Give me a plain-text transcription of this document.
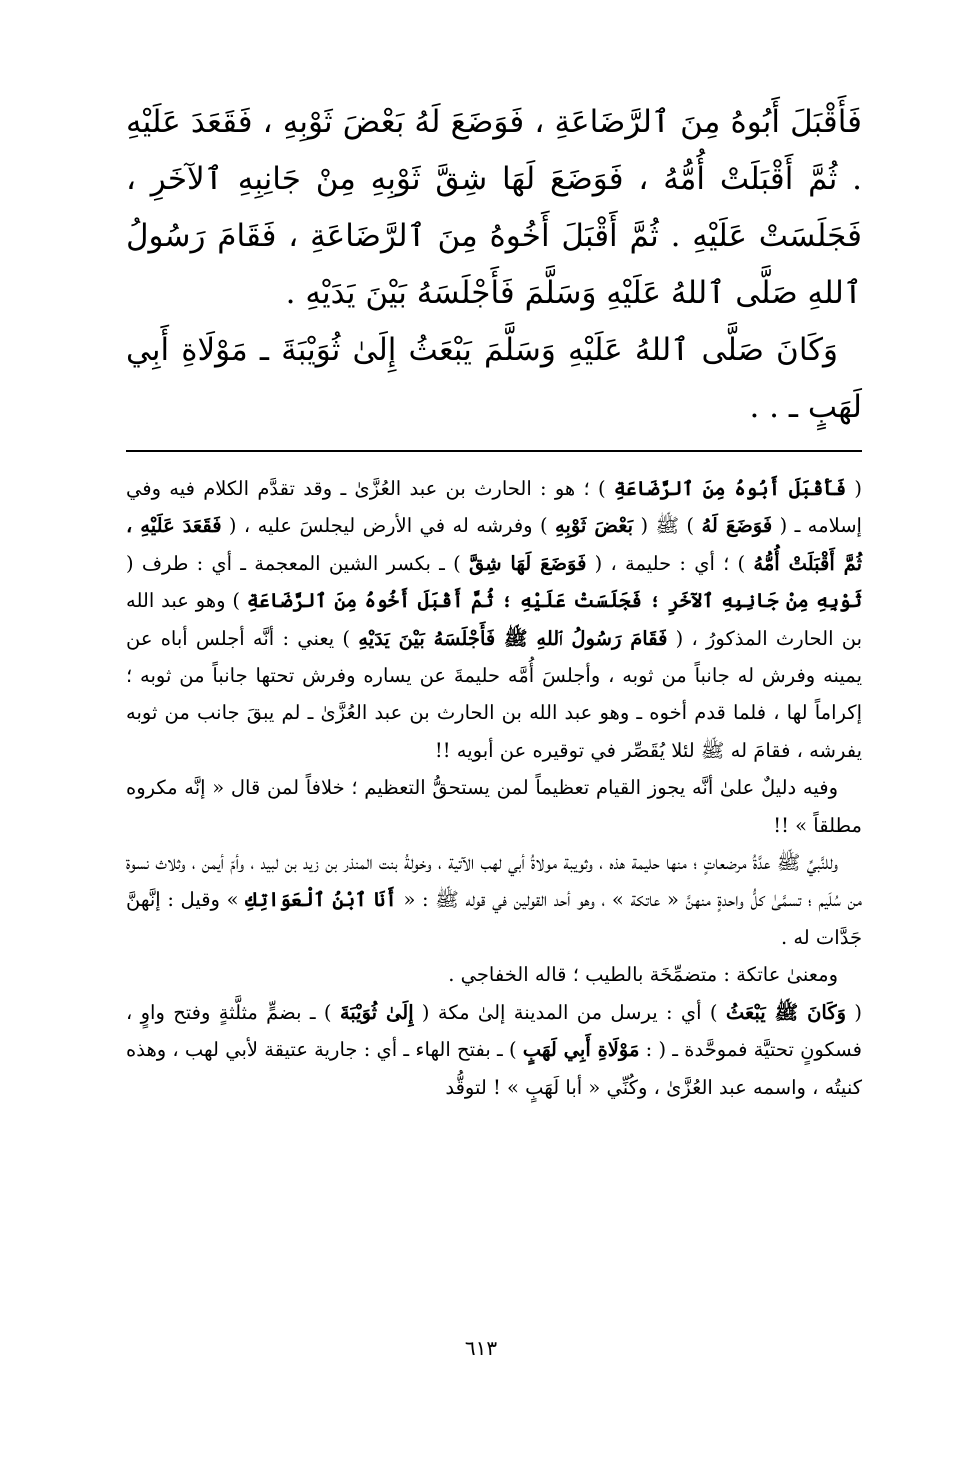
فَأَقْبَلَ أَبُوهُ مِنَ ٱلرَّضَاعَةِ ، فَوَضَعَ لَهُ بَعْضَ ثَوْبِهِ ، فَقَعَدَ عَلَيْهِ . ثُمَّ أَقْبَلَتْ أُمُّهُ ، فَوَضَعَ لَهَا شِقَّ ثَوْبِهِ مِنْ جَانِبِهِ ٱلآخَرِ ، فَجَلَسَتْ عَلَيْهِ . ثُمَّ أَقْبَلَ أَخُوهُ مِنَ ٱلرَّضَاعَةِ ، فَقَامَ رَسُولُ ٱللهِ صَلَّى ٱللهُ عَلَيْهِ وَسَلَّمَ فَأَجْلَسَهُ بَيْنَ يَدَيْهِ .

وَكَانَ صَلَّى ٱللهُ عَلَيْهِ وَسَلَّمَ يَبْعَثُ إِلَىٰ ثُوَيْبَةَ ـ مَوْلَاةِ أَبِي لَهَبٍ ـ . .

( فَأَقْبَلَ أَبُوهُ مِنَ ٱلرَّضَاعَةِ ) ؛ هو : الحارث بن عبد العُزَّىٰ ـ وقد تقدَّم الكلام فيه وفي إسلامه ـ ( فَوَضَعَ لَهُ ) ﷺ ( بَعْضَ ثَوْبِهِ ) وفرشه له في الأرض ليجلسَ عليه ، ( فَقَعَدَ عَلَيْهِ ، ثُمَّ أَقْبَلَتْ أُمُّهُ ) ؛ أي : حليمة ، ( فَوَضَعَ لَهَا شِقَّ ) ـ بكسر الشين المعجمة ـ أي : طرف ( ثَوْبِهِ مِنْ جَانِبِهِ ٱلآخَرِ ؛ فَجَلَسَتْ عَلَيْهِ ؛ ثُمَّ أَقْبَلَ أَخُوهُ مِنَ ٱلرَّضَاعَةِ ) وهو عبد الله بن الحارث المذكورُ ، ( فَقَامَ رَسُولُ ٱللهِ ﷺ فَأَجْلَسَهُ بَيْنَ يَدَيْهِ ) يعني : أنَّه أجلس أباه عن يمينه وفرش له جانباً من ثوبه ، وأجلسَ أُمَّه حليمةَ عن يساره وفرش تحتها جانباً من ثوبه ؛ إكراماً لها ، فلما قدم أخوه ـ وهو عبد الله بن الحارث بن عبد العُزَّىٰ ـ لم يبقَ جانب من ثوبه يفرشه ، فقامَ له ﷺ لئلا يُقَصِّر في توقيره عن أبويه !!

وفيه دليلٌ علىٰ أنَّه يجوز القيام تعظيماً لمن يستحقُّ التعظيم ؛ خلافاً لمن قال « إنَّه مكروه مطلقاً » !!

وللنَّبيِّ ﷺ عدَّةُ مرضعاتٍ ؛ منها حليمة هذه ، وثويبة مولاةُ أبي لهب الآتية ، وخولةُ بنت المنذر بن زيد بن لبيد ، وأمّ أيمن ، وثلاث نسوة من سُلَيم ؛ تسمَّىٰ كلُّ واحدةٍ منهنَّ « عاتكة » ، وهو أحد القولين في قوله ﷺ : « أَنَا ٱبْنُ ٱلْعَوَاتِكِ » وقيل : إنَّهنَّ جَدَّات له .

ومعنىٰ عاتكة : متضمِّخَة بالطيب ؛ قاله الخفاجي .

( وَكَانَ ﷺ يَبْعَثُ ) أي : يرسل من المدينة إلىٰ مكة ( إِلَىٰ ثُوَيْبَةَ ) ـ بضمٍّ مثلَّثةٍ وفتح واوٍ ، فسكونٍ تحتيَّة فموحَّدة ـ ( : مَوْلَاةِ أَبِي لَهَبٍ ) ـ بفتح الهاء ـ أي : جارية عتيقة لأبي لهب ، وهذه كنيتُه ، واسمه عبد العُزَّىٰ ، وكُنِّي « أبا لَهَبٍ » ! لتوقُّد

٦١٣
